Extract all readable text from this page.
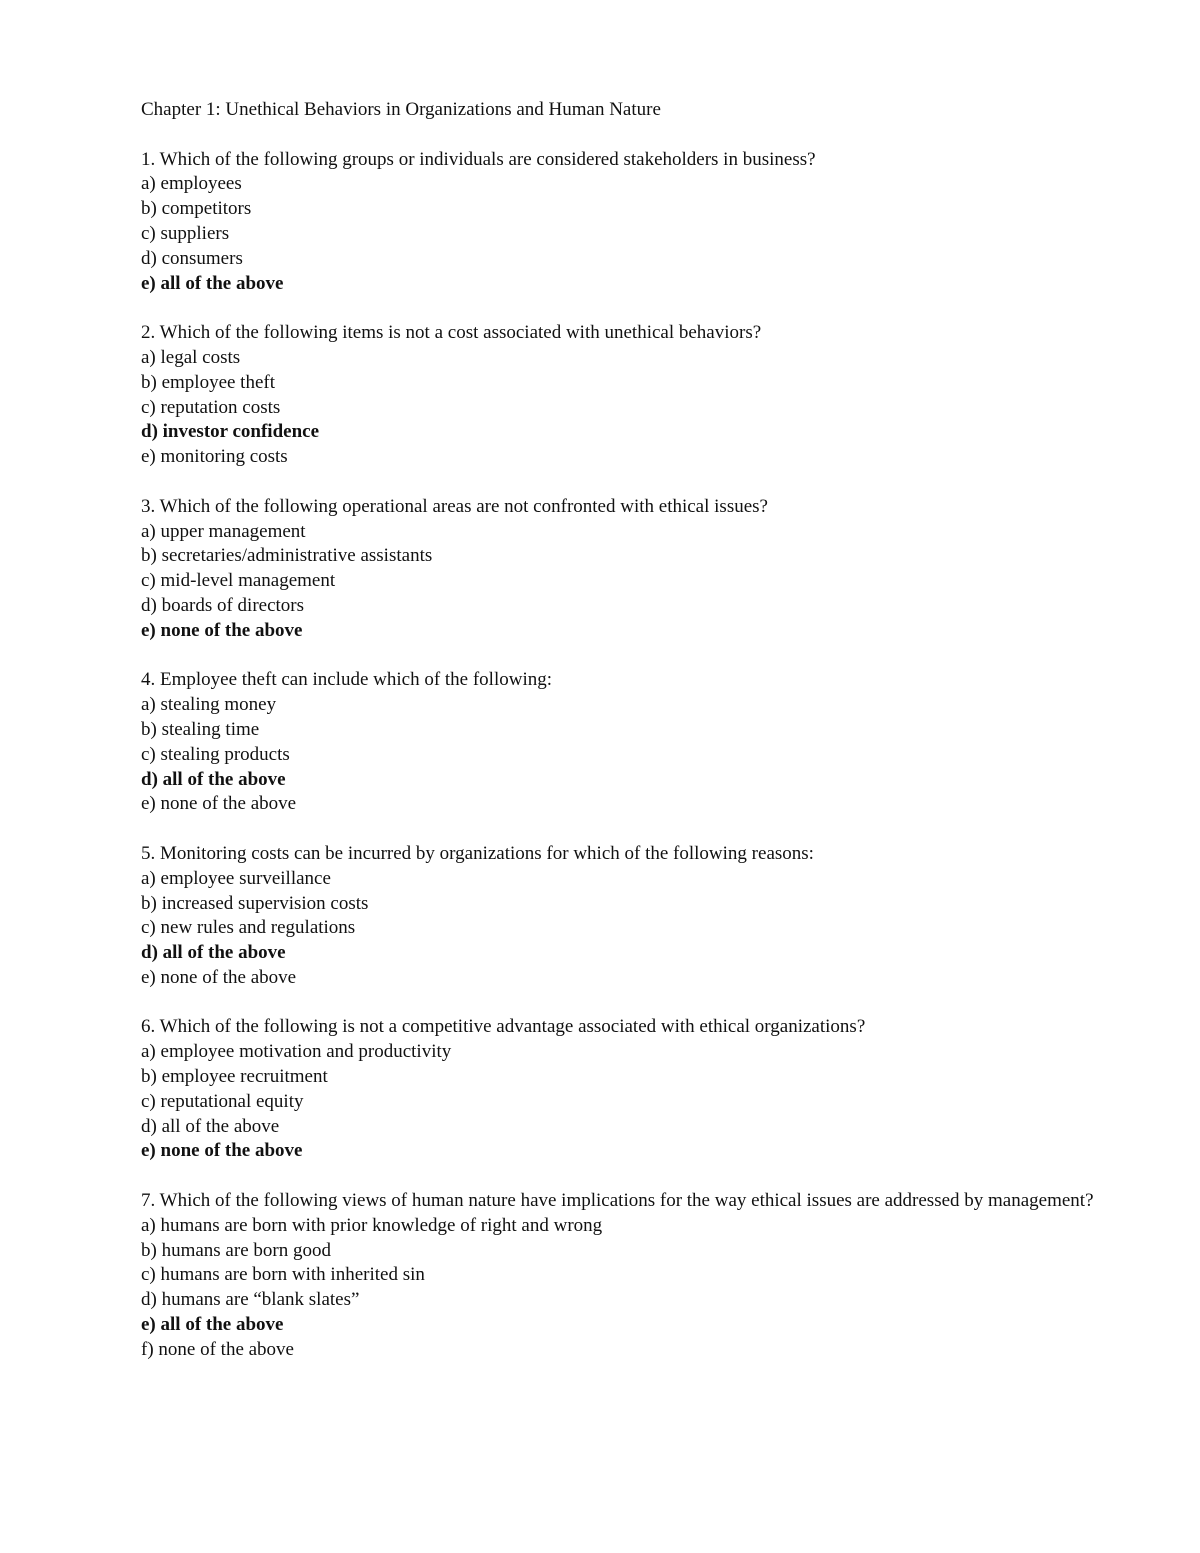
Chapter 1: Unethical Behaviors in Organizations and Human Nature
1. Which of the following groups or individuals are considered stakeholders in business?
a) employees
b) competitors
c) suppliers
d) consumers
e) all of the above
2. Which of the following items is not a cost associated with unethical behaviors?
a) legal costs
b) employee theft
c) reputation costs
d) investor confidence
e) monitoring costs
3. Which of the following operational areas are not confronted with ethical issues?
a) upper management
b) secretaries/administrative assistants
c) mid-level management
d) boards of directors
e) none of the above
4. Employee theft can include which of the following:
a) stealing money
b) stealing time
c) stealing products
d) all of the above
e) none of the above
5. Monitoring costs can be incurred by organizations for which of the following reasons:
a) employee surveillance
b) increased supervision costs
c) new rules and regulations
d) all of the above
e) none of the above
6. Which of the following is not a competitive advantage associated with ethical organizations?
a) employee motivation and productivity
b) employee recruitment
c) reputational equity
d) all of the above
e) none of the above
7. Which of the following views of human nature have implications for the way ethical issues are addressed by management?
a) humans are born with prior knowledge of right and wrong
b) humans are born good
c) humans are born with inherited sin
d) humans are “blank slates”
e) all of the above
f) none of the above
